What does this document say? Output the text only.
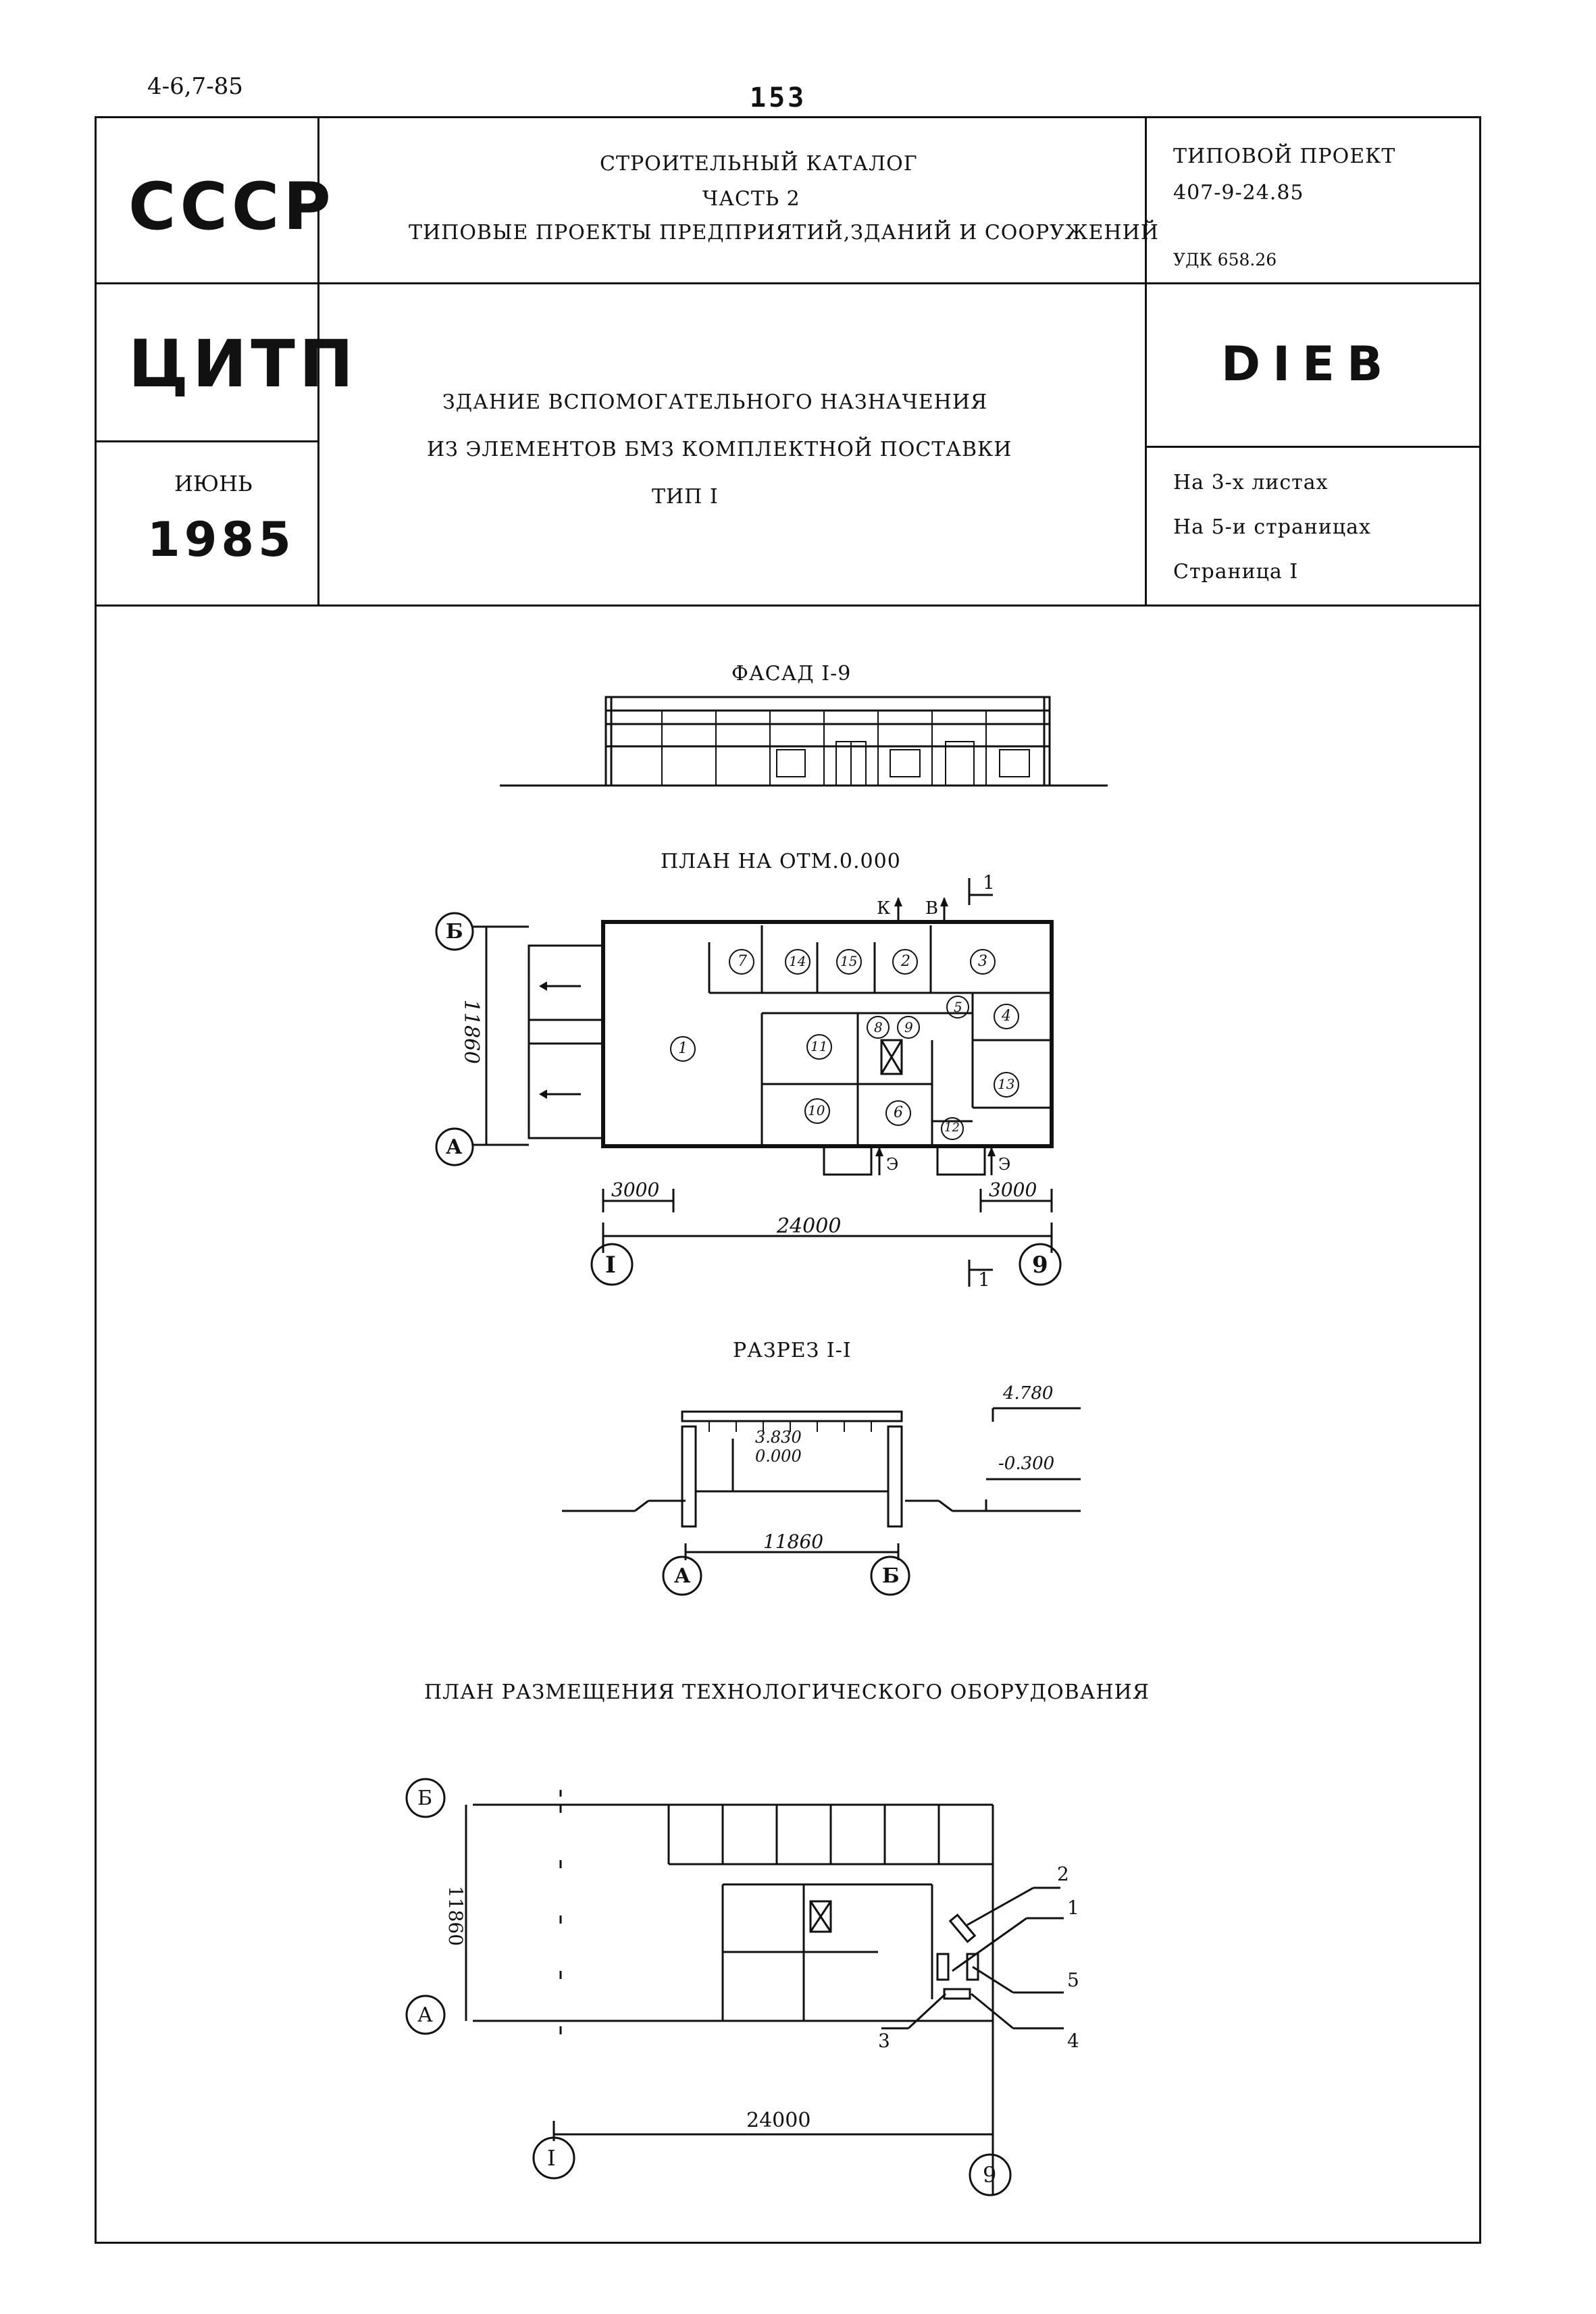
4-6,7-85	153
СССР
ЦИТП
ИЮНЬ
1985
СТРОИТЕЛЬНЫЙ КАТАЛОГ
ЧАСТЬ 2
ТИПОВЫЕ ПРОЕКТЫ ПРЕДПРИЯТИЙ,ЗДАНИЙ И СООРУЖЕНИЙ
ТИПОВОЙ ПРОЕКТ
407-9-24.85
УДК 658.26
DIEB
На 3-х листах
На 5-и страницах
Страница I
ЗДАНИЕ ВСПОМОГАТЕЛЬНОГО НАЗНАЧЕНИЯ
ИЗ ЭЛЕМЕНТОВ БМЗ КОМПЛЕКТНОЙ ПОСТАВКИ
ТИП I
ФАСАД I-9
ПЛАН НА ОТМ.0.000
РАЗРЕЗ I-I
ПЛАН РАЗМЕЩЕНИЯ ТЕХНОЛОГИЧЕСКОГО ОБОРУДОВАНИЯ
Б
А
I	9
11860
24000
3000	3000
1
1
К В
Э	Э
1
2	3
4
5
6
7
8 9
10
11
12
13
14	15
4.780
3.830
0.000	-0.300
11860
А	Б
Б
А
I
9
11860
24000
1
2
3	4
5
